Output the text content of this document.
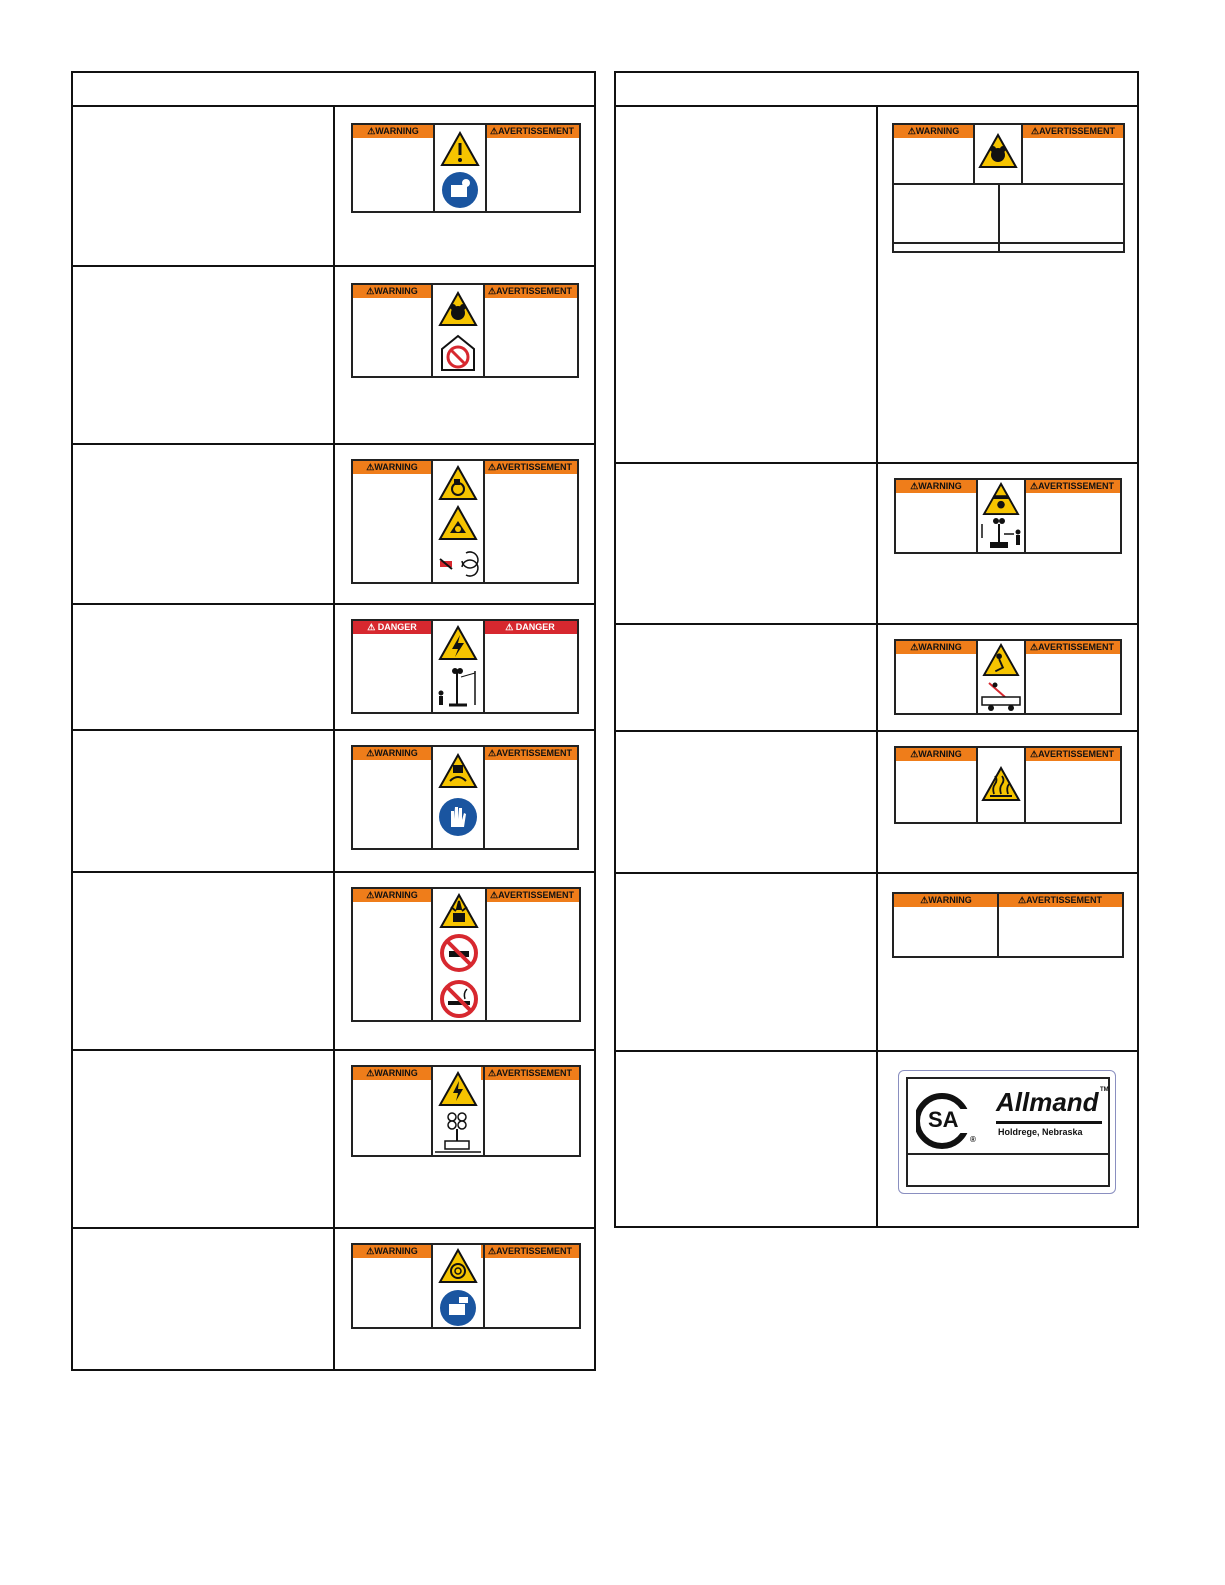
⚠WARNING	⚠AVERTISSEMENT
⚠WARNING	⚠AVERTISSEMENT
⚠WARNING	⚠AVERTISSEMENT
⚠ DANGER	⚠ DANGER
⚠WARNING	⚠AVERTISSEMENT
⚠WARNING	⚠AVERTISSEMENT
⚠WARNING	⚠AVERTISSEMENT
⚠WARNING	⚠AVERTISSEMENT
⚠WARNING	⚠AVERTISSEMENT
⚠WARNING	⚠AVERTISSEMENT
⚠WARNING	⚠AVERTISSEMENT
⚠WARNING	⚠AVERTISSEMENT
⚠WARNING	⚠AVERTISSEMENT
SA
®
Allmand TM
Holdrege, Nebraska
